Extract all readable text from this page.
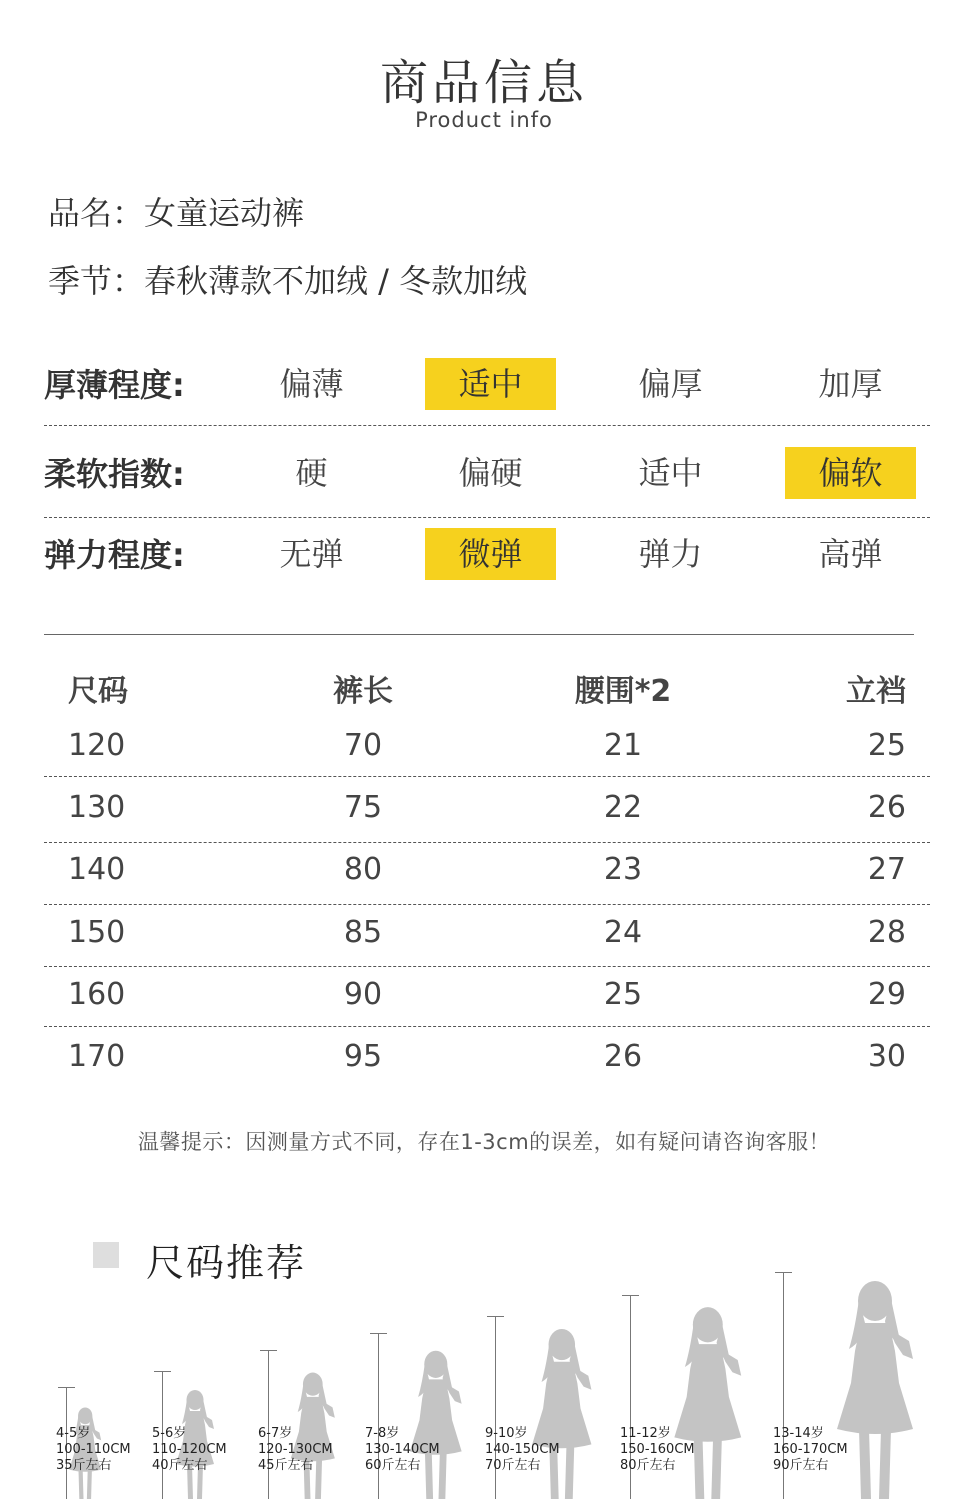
商品信息
Product info
品名：女童运动裤
季节：春秋薄款不加绒 / 冬款加绒
厚薄程度:	偏薄	适中	偏厚	加厚
柔软指数:	硬	偏硬	适中	偏软
弹力程度:	无弹	微弹	弹力	高弹
尺码	裤长	腰围*2	立裆
120	70	21	25
130	75	22	26
140	80	23	27
150	85	24	28
160	90	25	29
170	95	26	30
温馨提示：因测量方式不同，存在1-3cm的误差，如有疑问请咨询客服！
尺码推荐
4-5岁
100-110CM
35斤左右
5-6岁
110-120CM
40斤左右
6-7岁
120-130CM
45斤左右
7-8岁
130-140CM
60斤左右
9-10岁
140-150CM
70斤左右
11-12岁
150-160CM
80斤左右
13-14岁
160-170CM
90斤左右
